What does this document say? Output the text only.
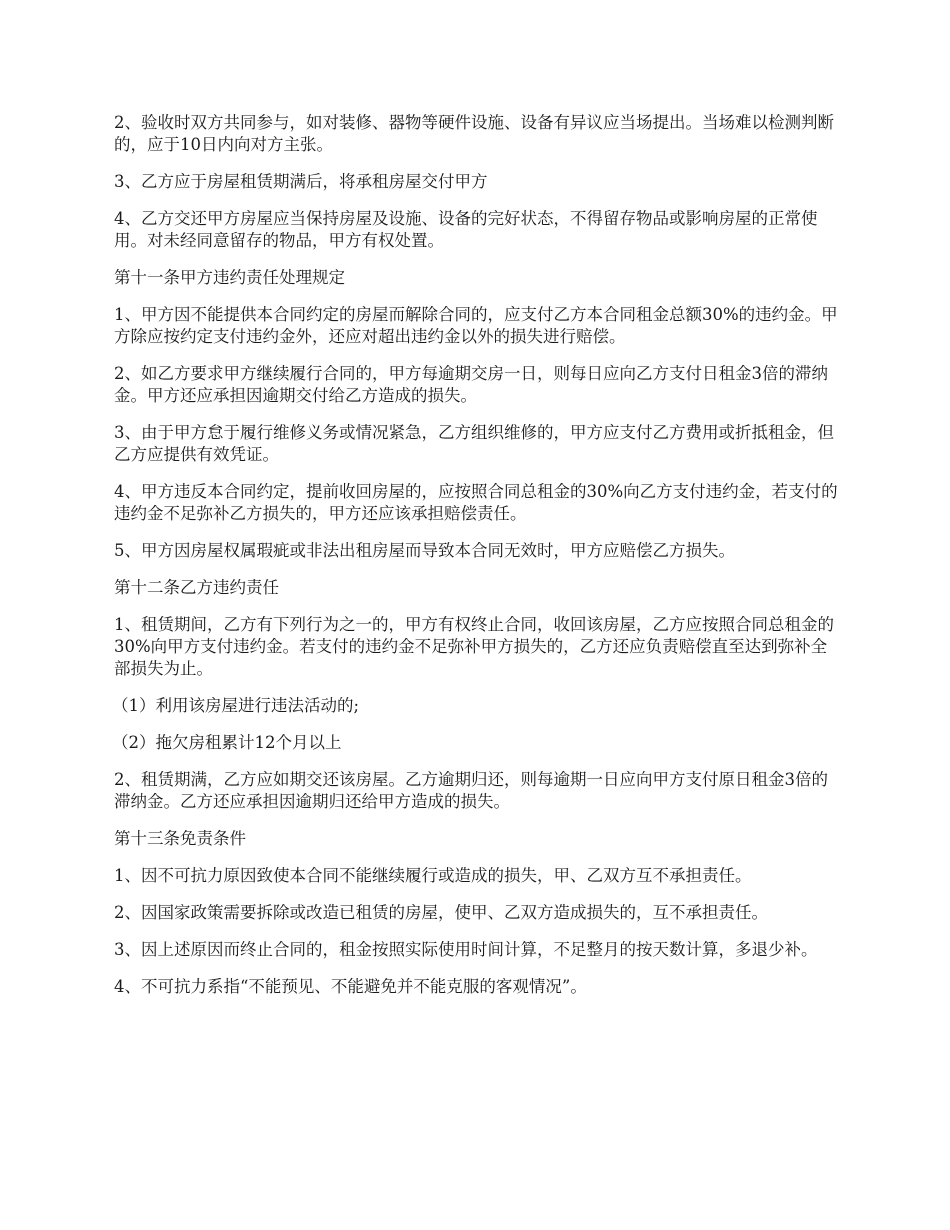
2、验收时双方共同参与，如对装修、器物等硬件设施、设备有异议应当场提出。当场难以检测判断的，应于10日内向对方主张。

3、乙方应于房屋租赁期满后，将承租房屋交付甲方

4、乙方交还甲方房屋应当保持房屋及设施、设备的完好状态，不得留存物品或影响房屋的正常使用。对未经同意留存的物品，甲方有权处置。

第十一条甲方违约责任处理规定

1、甲方因不能提供本合同约定的房屋而解除合同的，应支付乙方本合同租金总额30%的违约金。甲方除应按约定支付违约金外，还应对超出违约金以外的损失进行赔偿。

2、如乙方要求甲方继续履行合同的，甲方每逾期交房一日，则每日应向乙方支付日租金3倍的滞纳金。甲方还应承担因逾期交付给乙方造成的损失。

3、由于甲方怠于履行维修义务或情况紧急，乙方组织维修的，甲方应支付乙方费用或折抵租金，但乙方应提供有效凭证。

4、甲方违反本合同约定，提前收回房屋的，应按照合同总租金的30%向乙方支付违约金，若支付的违约金不足弥补乙方损失的，甲方还应该承担赔偿责任。

5、甲方因房屋权属瑕疵或非法出租房屋而导致本合同无效时，甲方应赔偿乙方损失。

第十二条乙方违约责任

1、租赁期间，乙方有下列行为之一的，甲方有权终止合同，收回该房屋，乙方应按照合同总租金的30%向甲方支付违约金。若支付的违约金不足弥补甲方损失的，乙方还应负责赔偿直至达到弥补全部损失为止。

（1）利用该房屋进行违法活动的;

（2）拖欠房租累计12个月以上

2、租赁期满，乙方应如期交还该房屋。乙方逾期归还，则每逾期一日应向甲方支付原日租金3倍的滞纳金。乙方还应承担因逾期归还给甲方造成的损失。

第十三条免责条件

1、因不可抗力原因致使本合同不能继续履行或造成的损失，甲、乙双方互不承担责任。

2、因国家政策需要拆除或改造已租赁的房屋，使甲、乙双方造成损失的，互不承担责任。

3、因上述原因而终止合同的，租金按照实际使用时间计算，不足整月的按天数计算，多退少补。

4、不可抗力系指“不能预见、不能避免并不能克服的客观情况”。
